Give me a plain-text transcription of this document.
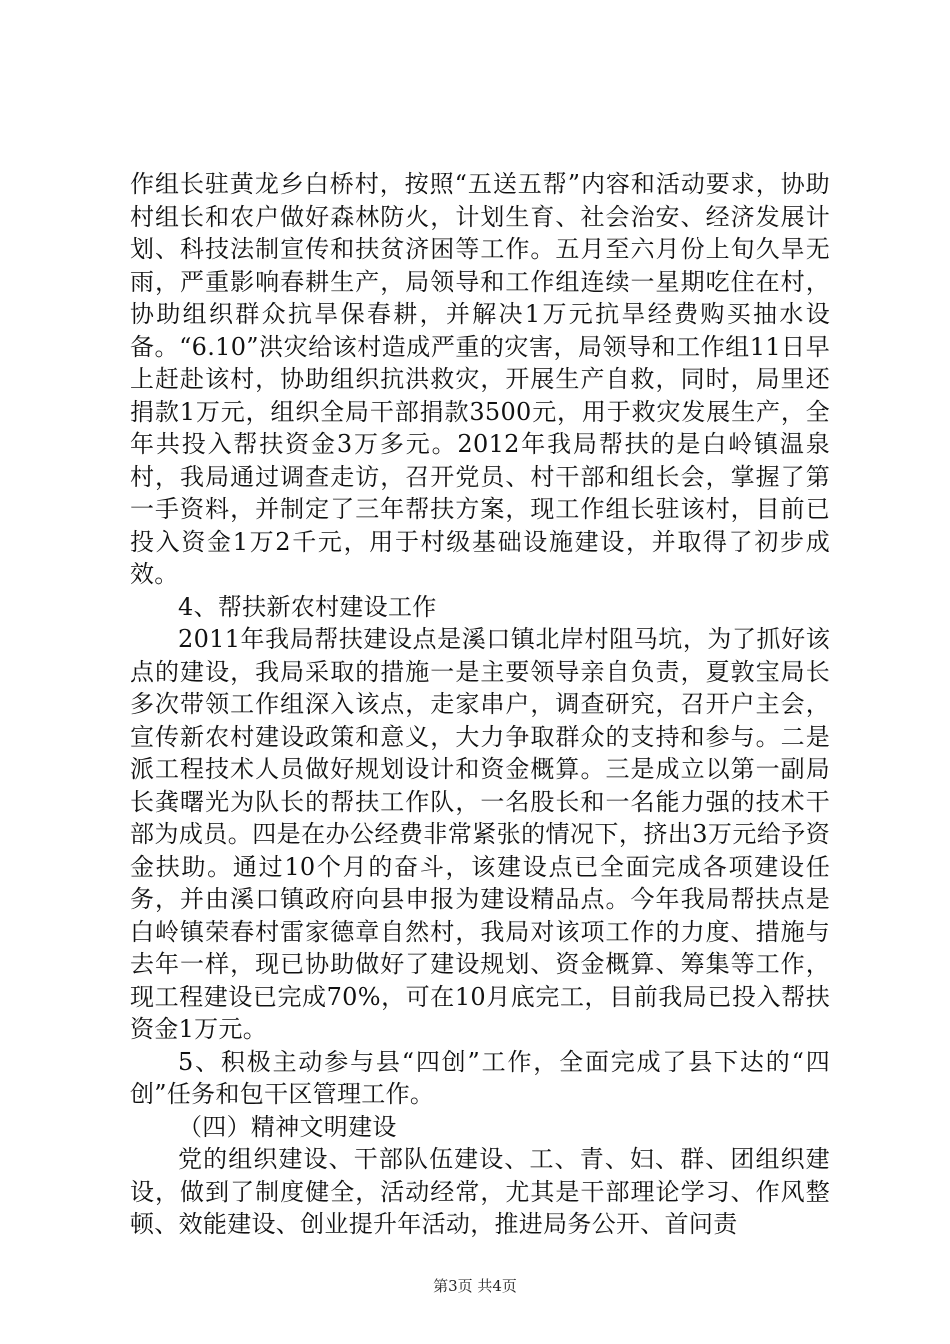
作组长驻黄龙乡白桥村，按照“五送五帮”内容和活动要求，协助村组长和农户做好森林防火，计划生育、社会治安、经济发展计划、科技法制宣传和扶贫济困等工作。五月至六月份上旬久旱无雨，严重影响春耕生产，局领导和工作组连续一星期吃住在村，协助组织群众抗旱保春耕，并解决1万元抗旱经费购买抽水设备。“6.10”洪灾给该村造成严重的灾害，局领导和工作组11日早上赶赴该村，协助组织抗洪救灾，开展生产自救，同时，局里还捐款1万元，组织全局干部捐款3500元，用于救灾发展生产，全年共投入帮扶资金3万多元。2012年我局帮扶的是白岭镇温泉村，我局通过调查走访，召开党员、村干部和组长会，掌握了第一手资料，并制定了三年帮扶方案，现工作组长驻该村，目前已投入资金1万2千元，用于村级基础设施建设，并取得了初步成效。

4、帮扶新农村建设工作

2011年我局帮扶建设点是溪口镇北岸村阻马坑，为了抓好该点的建设，我局采取的措施一是主要领导亲自负责，夏敦宝局长多次带领工作组深入该点，走家串户，调查研究，召开户主会，宣传新农村建设政策和意义，大力争取群众的支持和参与。二是派工程技术人员做好规划设计和资金概算。三是成立以第一副局长龚曙光为队长的帮扶工作队，一名股长和一名能力强的技术干部为成员。四是在办公经费非常紧张的情况下，挤出3万元给予资金扶助。通过10个月的奋斗，该建设点已全面完成各项建设任务，并由溪口镇政府向县申报为建设精品点。今年我局帮扶点是白岭镇荣春村雷家德章自然村，我局对该项工作的力度、措施与去年一样，现已协助做好了建设规划、资金概算、筹集等工作，现工程建设已完成70%，可在10月底完工，目前我局已投入帮扶资金1万元。

5、积极主动参与县“四创”工作，全面完成了县下达的“四创”任务和包干区管理工作。

（四）精神文明建设

党的组织建设、干部队伍建设、工、青、妇、群、团组织建设，做到了制度健全，活动经常，尤其是干部理论学习、作风整顿、效能建设、创业提升年活动，推进局务公开、首问责

第3页 共4页
